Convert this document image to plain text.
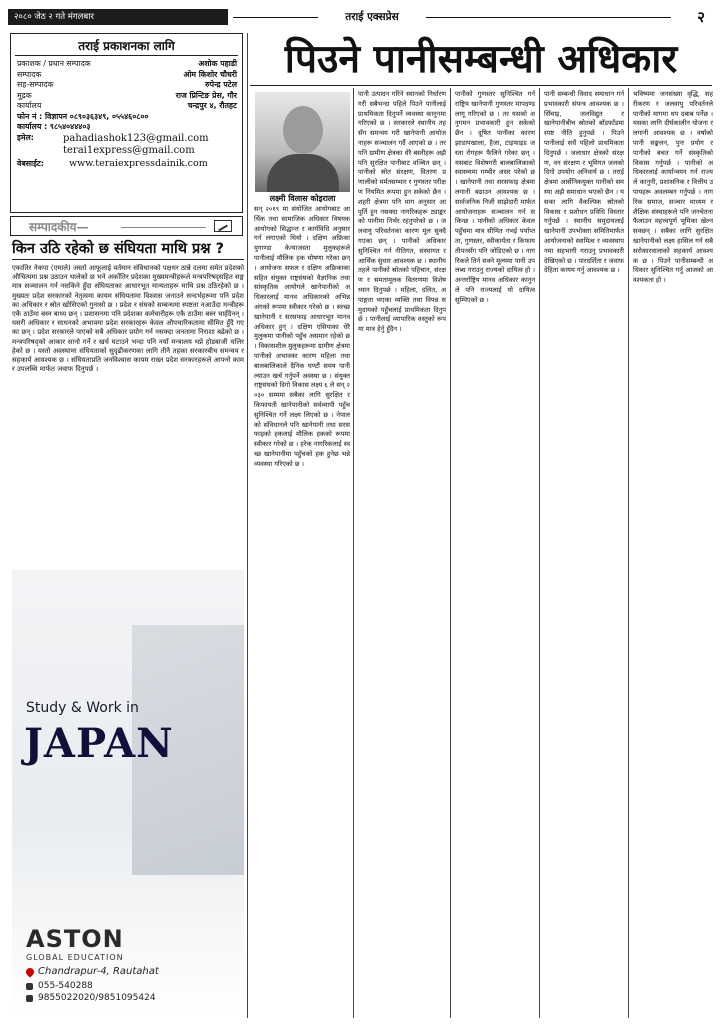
२०८० जेठ २ गते मंगलबार	तराई एक्सप्रेस	२
तराई प्रकाशनका लागि
प्रकाशक / प्रधान सम्पादक	अशोक पहाडी
सम्पादक	ओम किशोर चौधरी
सह-सम्पादक	रुपेन्द्र पटेल
मुद्रक	राज प्रिन्टिङ प्रेस, गौर
कार्यालय	चन्द्रपुर ४, रौतहट
फोन नं : विज्ञापन ०८९०३६३४९, ०५५४६०८००
कार्यालय : ९८५४०४४४०३
इमेल:	pahadiashok123@gmail.com
terai1express@gmail.com
वेबसाईट:	www.teraiexpressdainik.com
सम्पादकीय—
किन उठि रहेको छ संघियता माथि प्रश्न ?
एकातिर नेकपा (एमाले) जस्तो आफूलाई वर्तमान संविधानको पक्षधर ठान्ने दलमा समेत प्रदेशको औचित्यमा प्रश्न उठाउन थालेको छ भने अर्कोतिर प्रदेशका मुख्यमन्त्रीहरूले मन्त्रपरिषद्सहित सङ्घ मात्र सञ्चालन गर्न नसकिने हुँदा संघियताका आधारभूत मान्यताहरू माथि प्रश्न उठिरहेको छ । मुख्यतः प्रदेश सरकारको नेतृत्वमा कायम संघियतामा विश्वास जनाउने सन्दर्भहरूमा पनि प्रदेशका अधिकार र स्रोत खोसिएको गुनासो छ । प्रदेश र संघको सम्बन्धमा स्पष्टता नआउँदा मन्त्रीहरू एकै ठाउँमा बस्न बाध्य छन् । प्रशासनमा पनि प्रदेशका कर्मचारीहरू एकै ठाउँमा बस्न चाहँदैनन् । यसरी अधिकार र साधनको अभावमा प्रदेश सरकारहरू केवल औपचारिकतामा सीमित हुँदै गएका छन् । प्रदेश सरकारले पाएको सबै अधिकार प्रयोग गर्न नसक्दा जनतामा निराशा बढेको छ । मन्त्रपरिषद्को आकार सानो गर्ने र खर्च घटाउने भन्दा पनि नयाँ मन्त्रालय थप्ने होडबाजी चलिरहेको छ । यस्तो अवस्थामा संघियताको सुदृढीकरणका लागि तीनै तहका सरकारबीच समन्वय र सहकार्य आवश्यक छ । संघियताप्रति जनविश्वास कायम राख्न प्रदेश सरकारहरूले आफ्नो काम र उपलब्धि मार्फत जवाफ दिनुपर्छ ।
Study & Work in
JAPAN
ASTON
GLOBAL EDUCATION
Chandrapur-4, Rautahat
055-540288
9855022020/9851095424
पिउने पानीसम्बन्धी अधिकार
लक्ष्मी विलास कोइराला
सन् २०१९ मा संयोजित आयोगबाट आर्थिक तथा सामाजिक अधिकार विषयक आयोगको सिद्धान्त र कार्यविधि अनुसार गर्न लगाएको थियो । दक्षिण अफ्रिका युगाण्डा केन्याजस्ता मुलुकहरूले पानीलाई मौलिक हक घोषणा गरेका छन् । आयोजना सफल र दक्षिण अफ्रिकाका सहित संयुक्त राष्ट्रसंघको वैज्ञानिक तथा सांस्कृतिक आयोगले खानेपानीको अधिकारलाई मानव अधिकारको अभिन्न अंगको रूपमा स्वीकार गरेको छ । स्वच्छ खानेपानी र सरसफाइ आधारभूत मानव अधिकार हुन् । दक्षिण एसियाका धेरै मुलुकमा पानीको पहुँच असमान रहेको छ । विकासशील मुलुकहरूमा ग्रामीण क्षेत्रमा पानीको अभावका कारण महिला तथा बालबालिकाले दैनिक घण्टौं समय पानी ल्याउन खर्च गर्नुपर्ने अवस्था छ । संयुक्त राष्ट्रसंघको दिगो विकास लक्ष्य ६ ले सन् २०३० सम्ममा सबैका लागि सुरक्षित र किफायती खानेपानीको सर्वव्यापी पहुँच सुनिश्चित गर्ने लक्ष्य लिएको छ । नेपालको संविधानले पनि खानेपानी तथा सरसफाइको हकलाई मौलिक हकको रूपमा स्वीकार गरेको छ । हरेक नागरिकलाई स्वच्छ खानेपानीमा पहुँचको हक हुनेछ भन्ने व्यवस्था गरिएको छ ।
पानी उत्पादन गरिने स्थानको निर्धारण गरी सबैभन्दा पहिले पिउने पानीलाई प्राथमिकता दिनुपर्ने व्यवस्था कानुनमा गरिएको छ । सरकारले स्थानीय तहसँग समन्वय गरी खानेपानी आयोजनाहरू सञ्चालन गर्दै आएको छ । तर पनि ग्रामीण क्षेत्रका धेरै बस्तीहरू अझै पनि सुरक्षित पानीबाट वञ्चित छन् । पानीको स्रोत संरक्षण, वितरण प्रणालीको मर्मतसम्भार र गुणस्तर परीक्षण नियमित रूपमा हुन सकेको छैन । शहरी क्षेत्रमा पनि माग अनुसार आपूर्ति हुन नसक्दा नागरिकहरू ट्याङ्करको पानीमा निर्भर रहनुपरेको छ । जलवायु परिवर्तनका कारण मूल सुक्दै गएका छन् । पानीको अधिकार सुनिश्चित गर्न नीतिगत, संस्थागत र आर्थिक सुधार आवश्यक छ । स्थानीय तहले पानीको स्रोतको पहिचान, संरक्षण र समतामूलक वितरणमा विशेष ध्यान दिनुपर्छ । महिला, दलित, अपाङ्गता भएका व्यक्ति तथा विपन्न समुदायको पहुँचलाई प्राथमिकता दिनुपर्छ । पानीलाई व्यापारिक वस्तुको रूपमा मात्र हेर्नु हुँदैन ।
पानीको गुणस्तर सुनिश्चित गर्न राष्ट्रिय खानेपानी गुणस्तर मापदण्ड लागू गरिएको छ । तर यसको अनुगमन प्रभावकारी हुन सकेको छैन । दूषित पानीका कारण झाडापखाला, हैजा, टाइफाइड जस्ता रोगहरू फैलिने गरेका छन् । यसबाट विशेषगरी बालबालिकाको स्वास्थ्यमा गम्भीर असर परेको छ । खानेपानी तथा सरसफाइ क्षेत्रमा लगानी बढाउन आवश्यक छ । सार्वजनिक निजी साझेदारी मार्फत आयोजनाहरू सञ्चालन गर्न सकिन्छ । पानीको अधिकार केवल पहुँचमा मात्र सीमित नभई पर्याप्तता, गुणस्तर, स्वीकार्यता र किफायतीपनसँग पनि जोडिएको छ । नागरिकले तिर्न सक्ने मूल्यमा पानी उपलब्ध गराउनु राज्यको दायित्व हो । अन्तर्राष्ट्रिय मानव अधिकार कानुनले पनि राज्यलाई यो दायित्व सुम्पिएको छ ।
पानी सम्बन्धी विवाद समाधान गर्न प्रभावकारी संयन्त्र आवश्यक छ । सिँचाइ, जलविद्युत र खानेपानीबीच स्रोतको बाँडफाँडमा स्पष्ट नीति हुनुपर्छ । पिउने पानीलाई सधैं पहिलो प्राथमिकता दिनुपर्छ । जलाधार क्षेत्रको संरक्षण, वन संरक्षण र भूमिगत जलको दिगो उपयोग अनिवार्य छ । तराई क्षेत्रमा आर्सेनिकयुक्त पानीको समस्या अझै समाधान भएको छैन । यसका लागि वैकल्पिक स्रोतको विकास र प्रशोधन प्रविधि विस्तार गर्नुपर्छ । स्थानीय समुदायलाई खानेपानी उपभोक्ता समितिमार्फत आयोजनाको स्वामित्व र व्यवस्थापनमा सहभागी गराउनु प्रभावकारी देखिएको छ । पारदर्शिता र जवाफदेहिता कायम गर्नु आवश्यक छ ।
भविष्यमा जनसंख्या वृद्धि, सहरीकरण र जलवायु परिवर्तनले पानीको मागमा थप दबाब पर्नेछ । यसका लागि दीर्घकालीन योजना र लगानी आवश्यक छ । वर्षाको पानी सङ्कलन, पुनः प्रयोग र पानीको बचत गर्ने संस्कृतिको विकास गर्नुपर्छ । पानीको अधिकारलाई कार्यान्वयन गर्न राज्यले कानुनी, प्रशासनिक र वित्तीय उपायहरू अवलम्बन गर्नुपर्छ । नागरिक समाज, सञ्चार माध्यम र शैक्षिक संस्थाहरूले पनि जनचेतना फैलाउन महत्त्वपूर्ण भूमिका खेल्न सक्छन् । सबैका लागि सुरक्षित खानेपानीको लक्ष्य हासिल गर्न सबै सरोकारवालाको सहकार्य आवश्यक छ । पिउने पानीसम्बन्धी अधिकार सुनिश्चित गर्नु आजको आवश्यकता हो ।
